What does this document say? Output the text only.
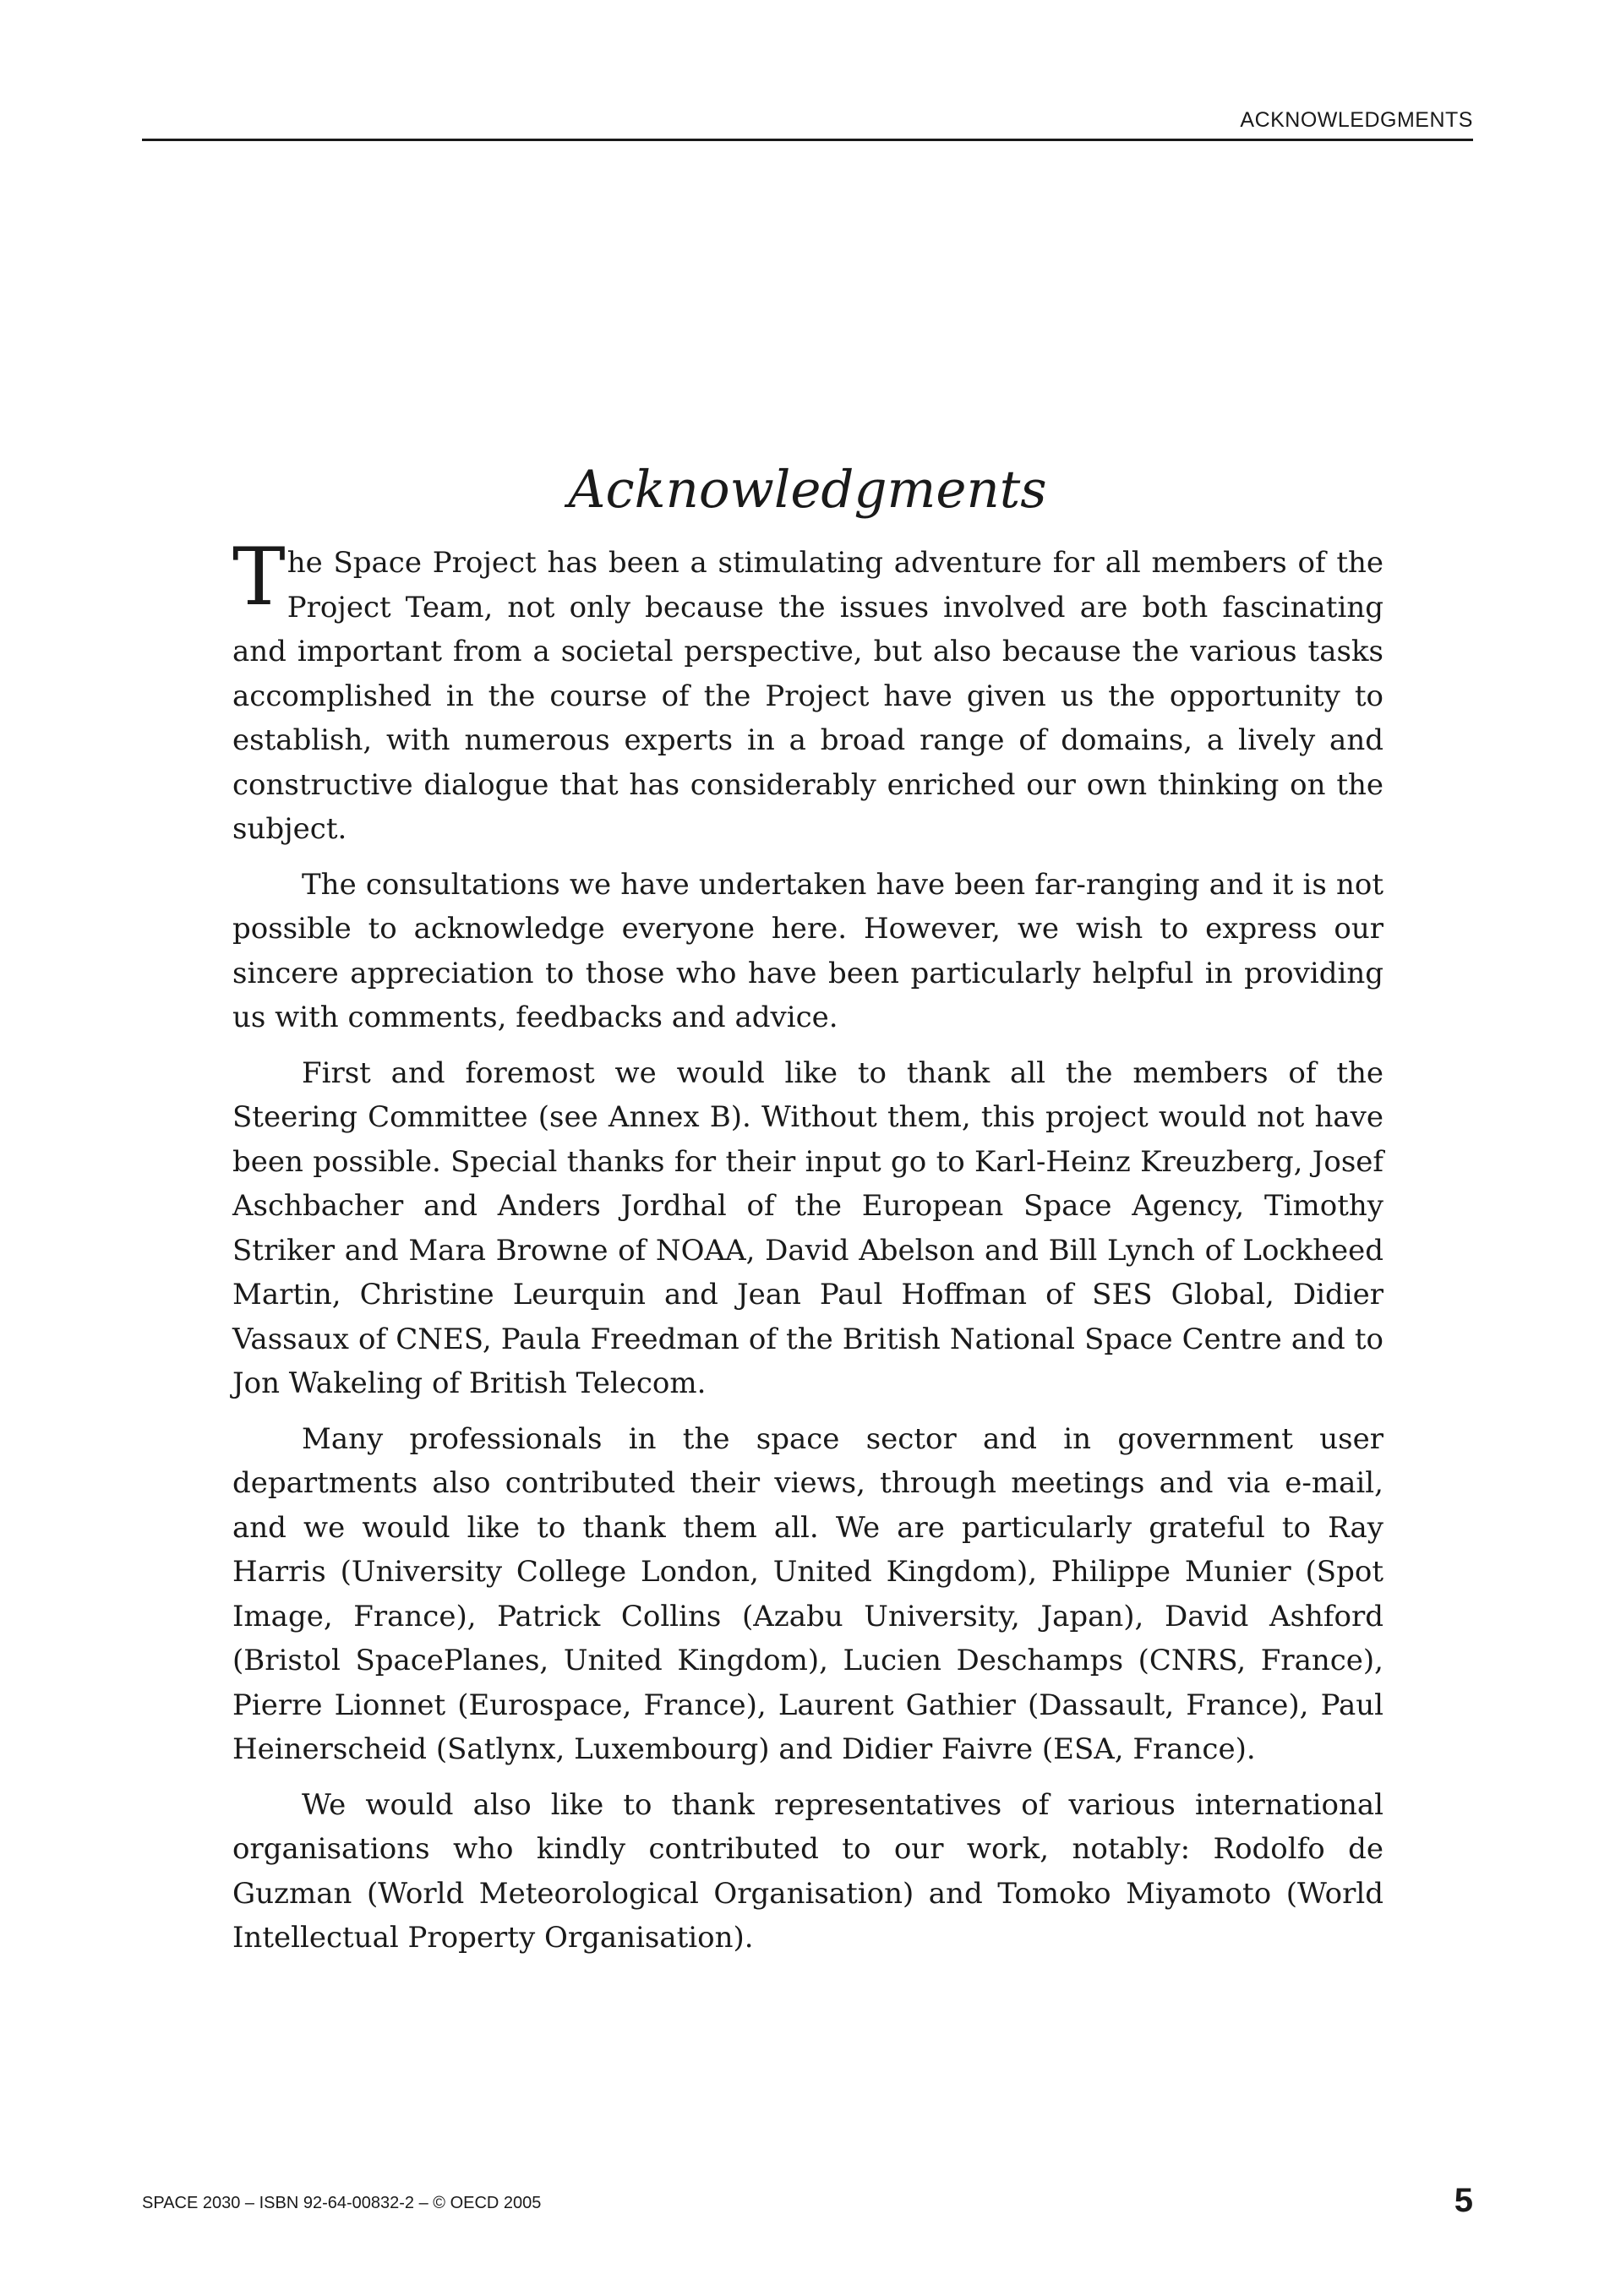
ACKNOWLEDGMENTS
Acknowledgments

The Space Project has been a stimulating adventure for all members of the Project Team, not only because the issues involved are both fascinating and important from a societal perspective, but also because the various tasks accomplished in the course of the Project have given us the opportunity to establish, with numerous experts in a broad range of domains, a lively and constructive dialogue that has considerably enriched our own thinking on the subject.

The consultations we have undertaken have been far-ranging and it is not possible to acknowledge everyone here. However, we wish to express our sincere appreciation to those who have been particularly helpful in providing us with comments, feedbacks and advice.

First and foremost we would like to thank all the members of the Steering Committee (see Annex B). Without them, this project would not have been possible. Special thanks for their input go to Karl-Heinz Kreuzberg, Josef Aschbacher and Anders Jordhal of the European Space Agency, Timothy Striker and Mara Browne of NOAA, David Abelson and Bill Lynch of Lockheed Martin, Christine Leurquin and Jean Paul Hoffman of SES Global, Didier Vassaux of CNES, Paula Freedman of the British National Space Centre and to Jon Wakeling of British Telecom.

Many professionals in the space sector and in government user departments also contributed their views, through meetings and via e-mail, and we would like to thank them all. We are particularly grateful to Ray Harris (University College London, United Kingdom), Philippe Munier (Spot Image, France), Patrick Collins (Azabu University, Japan), David Ashford (Bristol SpacePlanes, United Kingdom), Lucien Deschamps (CNRS, France), Pierre Lionnet (Eurospace, France), Laurent Gathier (Dassault, France), Paul Heinerscheid (Satlynx, Luxembourg) and Didier Faivre (ESA, France).

We would also like to thank representatives of various international organisations who kindly contributed to our work, notably: Rodolfo de Guzman (World Meteorological Organisation) and Tomoko Miyamoto (World Intellectual Property Organisation).

SPACE 2030 – ISBN 92-64-00832-2 – © OECD 2005	5
